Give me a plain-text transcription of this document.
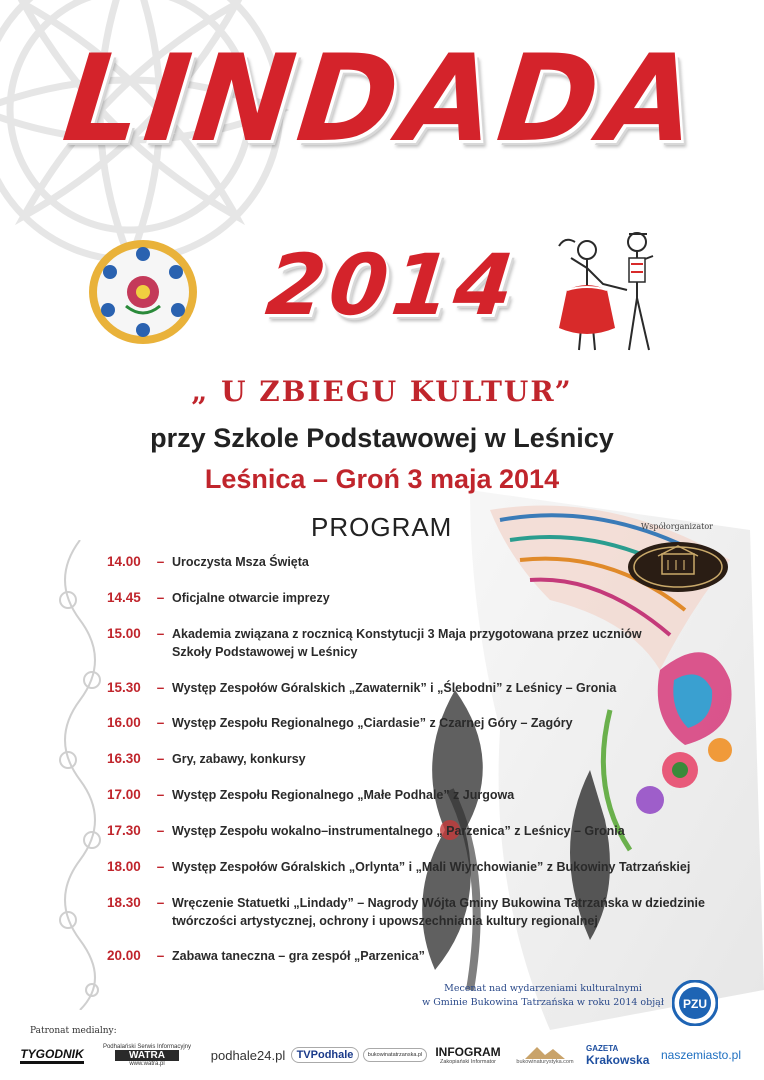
LINDADA
2014
„ U ZBIEGU KULTUR”
przy Szkole Podstawowej w Leśnicy
Leśnica – Groń 3 maja 2014
PROGRAM	Współorganizator
14.00	– Uroczysta Msza Święta
14.45	– Oficjalne otwarcie imprezy
15.00	– Akademia związana z rocznicą Konstytucji 3 Maja przygotowana przez uczniów
Szkoły Podstawowej w Leśnicy
15.30	– Występ Zespołów Góralskich „Zawaternik” i „Ślebodni” z Leśnicy – Gronia
16.00	– Występ Zespołu Regionalnego „Ciardasie” z Czarnej Góry – Zagóry
16.30	– Gry, zabawy, konkursy
17.00	– Występ Zespołu Regionalnego „Małe Podhale” z Jurgowa
17.30	– Występ Zespołu wokalno–instrumentalnego „ Parzenica” z Leśnicy – Gronia
18.00	– Występ Zespołów Góralskich „Orlynta” i „Mali Wiyrchowianie” z Bukowiny Tatrzańskiej
18.30	– Wręczenie Statuetki „Lindady” – Nagrody Wójta Gminy Bukowina Tatrzańska w dziedzinie
twórczości artystycznej, ochrony i upowszechniania kultury regionalnej
20.00	– Zabawa taneczna – gra zespół „Parzenica”
Mecenat nad wydarzeniami kulturalnymi
w Gminie Bukowina Tatrzańska w roku 2014 objął	PZU
Patronat medialny:
TYGODNIK	Podhalański Serwis Informacyjny
WATRA
www.watra.pl
podhale24.pl	TVPodhale	bukowinatatrzanska.pl	INFOGRAM
Zakopiański Informator	bukowinaturystyka.com
GAZETA
Krakowska naszemiasto.pl
